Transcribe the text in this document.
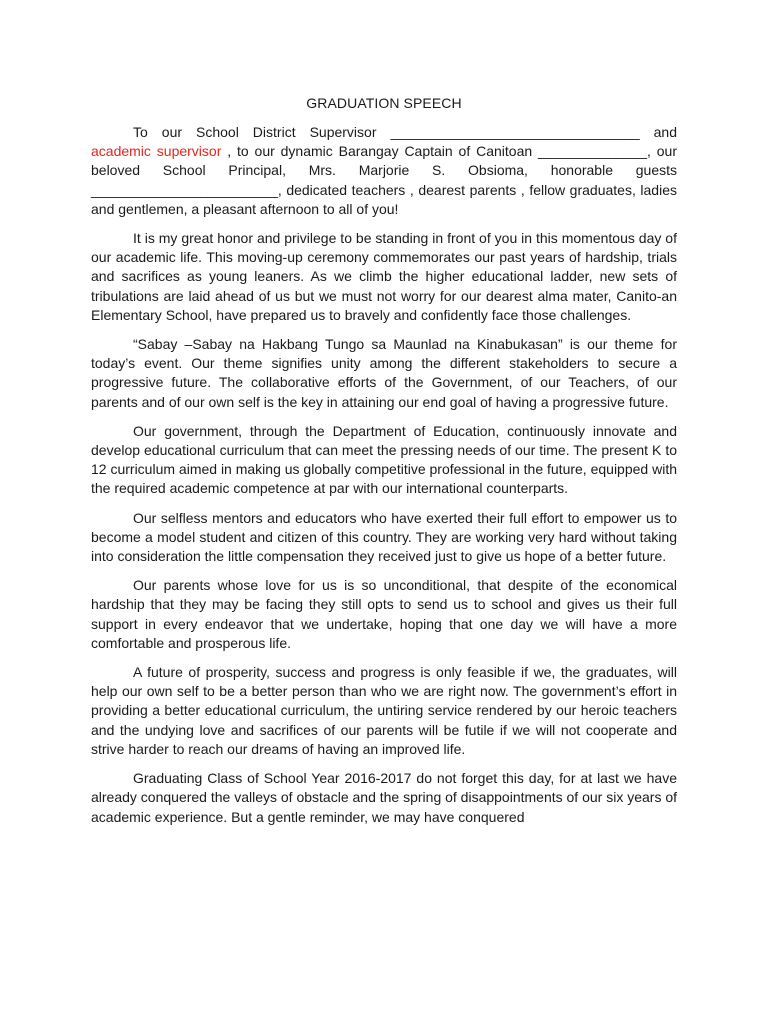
GRADUATION SPEECH

To our School District Supervisor ________________________________ and academic supervisor , to our dynamic Barangay Captain of Canitoan ______________, our beloved School Principal, Mrs. Marjorie S. Obsioma, honorable guests ________________________, dedicated teachers , dearest parents , fellow graduates, ladies and gentlemen, a pleasant afternoon to all of you!

It is my great honor and privilege to be standing in front of you in this momentous day of our academic life. This moving-up ceremony commemorates our past years of hardship, trials and sacrifices as young leaners. As we climb the higher educational ladder, new sets of tribulations are laid ahead of us but we must not worry for our dearest alma mater, Canito-an Elementary School, have prepared us to bravely and confidently face those challenges.

“Sabay –Sabay na Hakbang Tungo sa Maunlad na Kinabukasan” is our theme for today’s event. Our theme signifies unity among the different stakeholders to secure a progressive future. The collaborative efforts of the Government, of our Teachers, of our parents and of our own self is the key in attaining our end goal of having a progressive future.

Our government, through the Department of Education, continuously innovate and develop educational curriculum that can meet the pressing needs of our time. The present K to 12 curriculum aimed in making us globally competitive professional in the future, equipped with the required academic competence at par with our international counterparts.

Our selfless mentors and educators who have exerted their full effort to empower us to become a model student and citizen of this country. They are working very hard without taking into consideration the little compensation they received just to give us hope of a better future.

Our parents whose love for us is so unconditional, that despite of the economical hardship that they may be facing they still opts to send us to school and gives us their full support in every endeavor that we undertake, hoping that one day we will have a more comfortable and prosperous life.

A future of prosperity, success and progress is only feasible if we, the graduates, will help our own self to be a better person than who we are right now. The government’s effort in providing a better educational curriculum, the untiring service rendered by our heroic teachers and the undying love and sacrifices of our parents will be futile if we will not cooperate and strive harder to reach our dreams of having an improved life.

Graduating Class of School Year 2016-2017 do not forget this day, for at last we have already conquered the valleys of obstacle and the spring of disappointments of our six years of academic experience. But a gentle reminder, we may have conquered
